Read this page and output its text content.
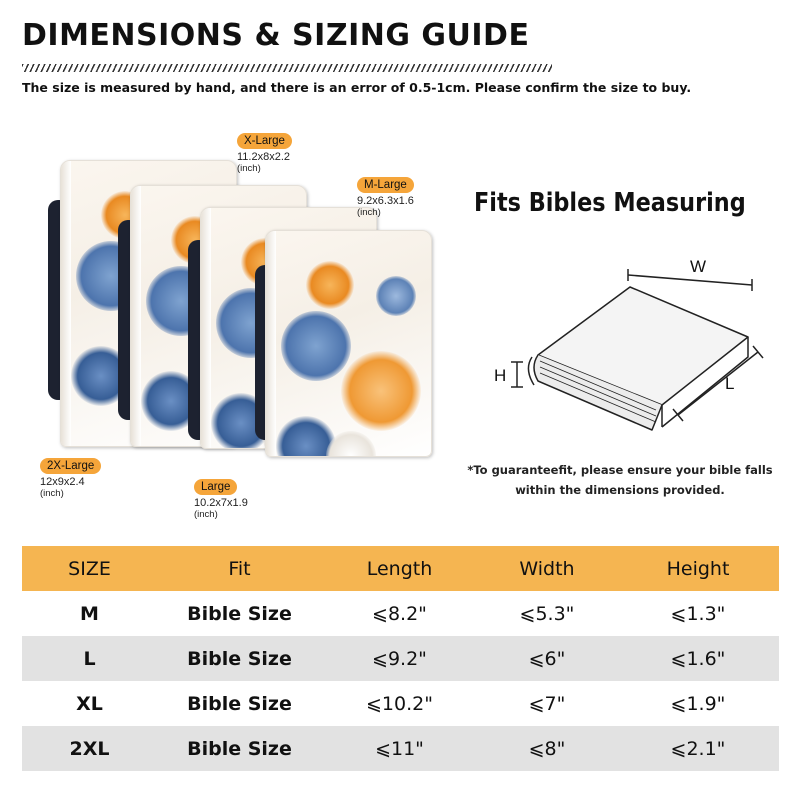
DIMENSIONS & SIZING GUIDE

The size is measured by hand, and there is an error of 0.5-1cm. Please confirm the size to buy.

X-Large
11.2x8x2.2
(inch)
M-Large
9.2x6.3x1.6
(inch)
2X-Large
12x9x2.4
(inch)
Large
10.2x7x1.9
(inch)
Fits Bibles Measuring
W
H	L

*To guaranteefit, please ensure your bible falls
within the dimensions provided.

SIZE	Fit	Length	Width	Height
M	Bible Size	⩽8.2"	⩽5.3"	⩽1.3"
L	Bible Size	⩽9.2"	⩽6"	⩽1.6"
XL	Bible Size	⩽10.2"	⩽7"	⩽1.9"
2XL	Bible Size	⩽11"	⩽8"	⩽2.1"
